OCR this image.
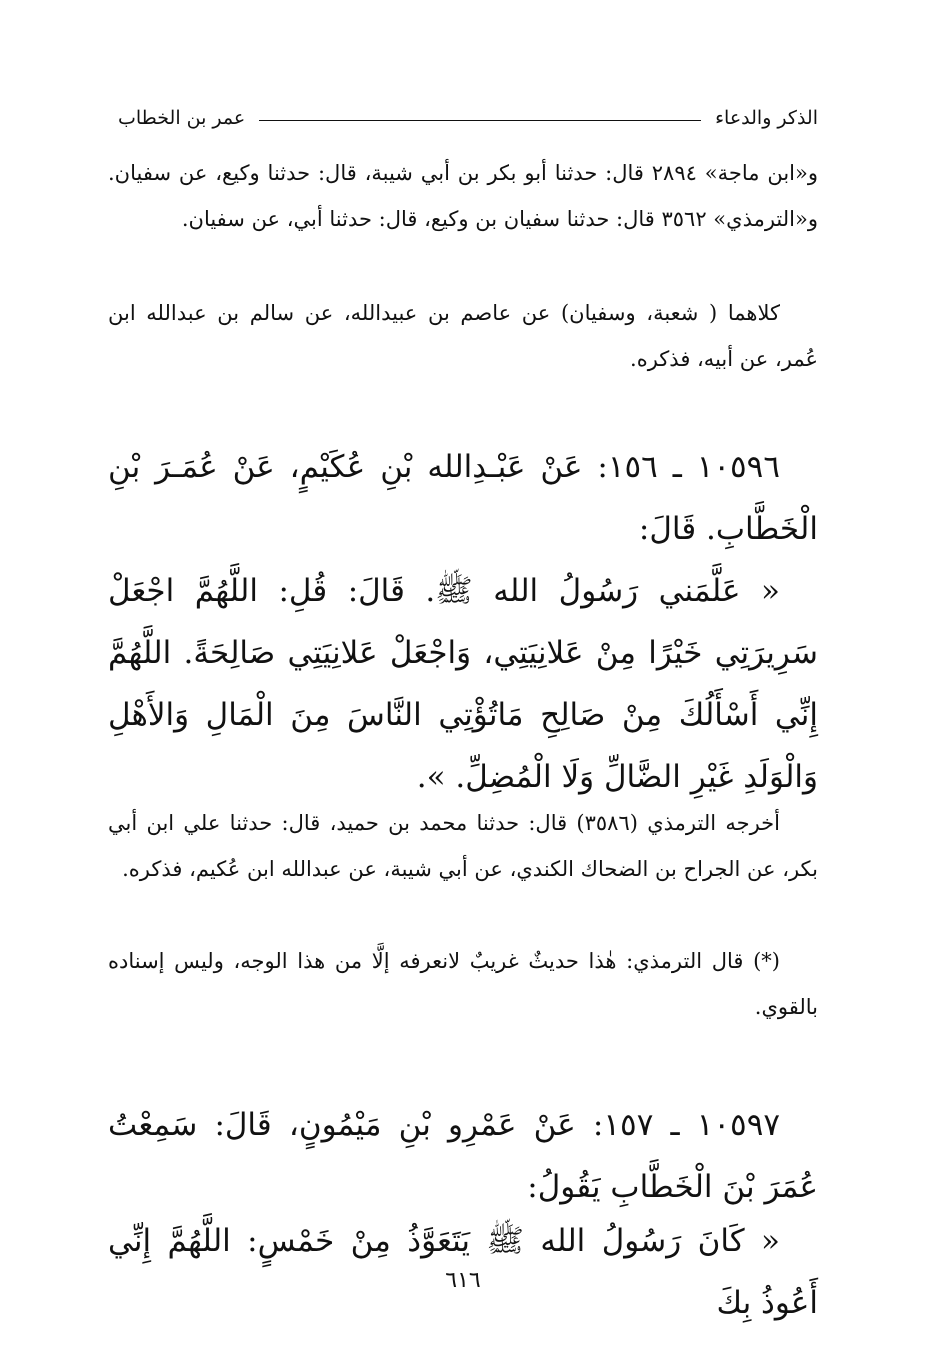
الذكر والدعاء
عمر بن الخطاب

و«ابن ماجة» ٢٨٩٤ قال: حدثنا أبو بكر بن أبي شيبة، قال: حدثنا وكيع، عن سفيان. و«الترمذي» ٣٥٦٢ قال: حدثنا سفيان بن وكيع، قال: حدثنا أبي، عن سفيان.

كلاهما ( شعبة، وسفيان) عن عاصم بن عبيدالله، عن سالم بن عبدالله ابن عُمر، عن أبيه، فذكره.

١٠٥٩٦ ـ ١٥٦: عَنْ عَبْـدِالله بْنِ عُكَيْمٍ، عَنْ عُمَـرَ بْنِ الْخَطَّابِ. قَالَ:

« عَلَّمَني رَسُولُ الله ﷺ. قَالَ: قُلِ: اللَّهُمَّ اجْعَلْ سَرِيرَتِي خَيْرًا مِنْ عَلانِيَتِي، وَاجْعَلْ عَلانِيَتِي صَالِحَةً. اللَّهُمَّ إِنِّي أَسْأَلُكَ مِنْ صَالِحِ مَاتُؤْتِي النَّاسَ مِنَ الْمَالِ وَالأَهْلِ وَالْوَلَدِ غَيْرِ الضَّالِّ وَلَا الْمُضِلِّ. ».

أخرجه الترمذي (٣٥٨٦) قال: حدثنا محمد بن حميد، قال: حدثنا علي ابن أبي بكر، عن الجراح بن الضحاك الكندي، عن أبي شيبة، عن عبدالله ابن عُكيم، فذكره.

(*) قال الترمذي: هٰذا حديثٌ غريبٌ لانعرفه إلَّا من هذا الوجه، وليس إسناده بالقوي.

١٠٥٩٧ ـ ١٥٧: عَنْ عَمْرِو بْنِ مَيْمُونٍ، قَالَ: سَمِعْتُ عُمَرَ بْنَ الْخَطَّابِ يَقُولُ:

« كَانَ رَسُولُ الله ﷺ يَتَعَوَّذُ مِنْ خَمْسٍ: اللَّهُمَّ إِنِّي أَعُوذُ بِكَ

٦١٦
